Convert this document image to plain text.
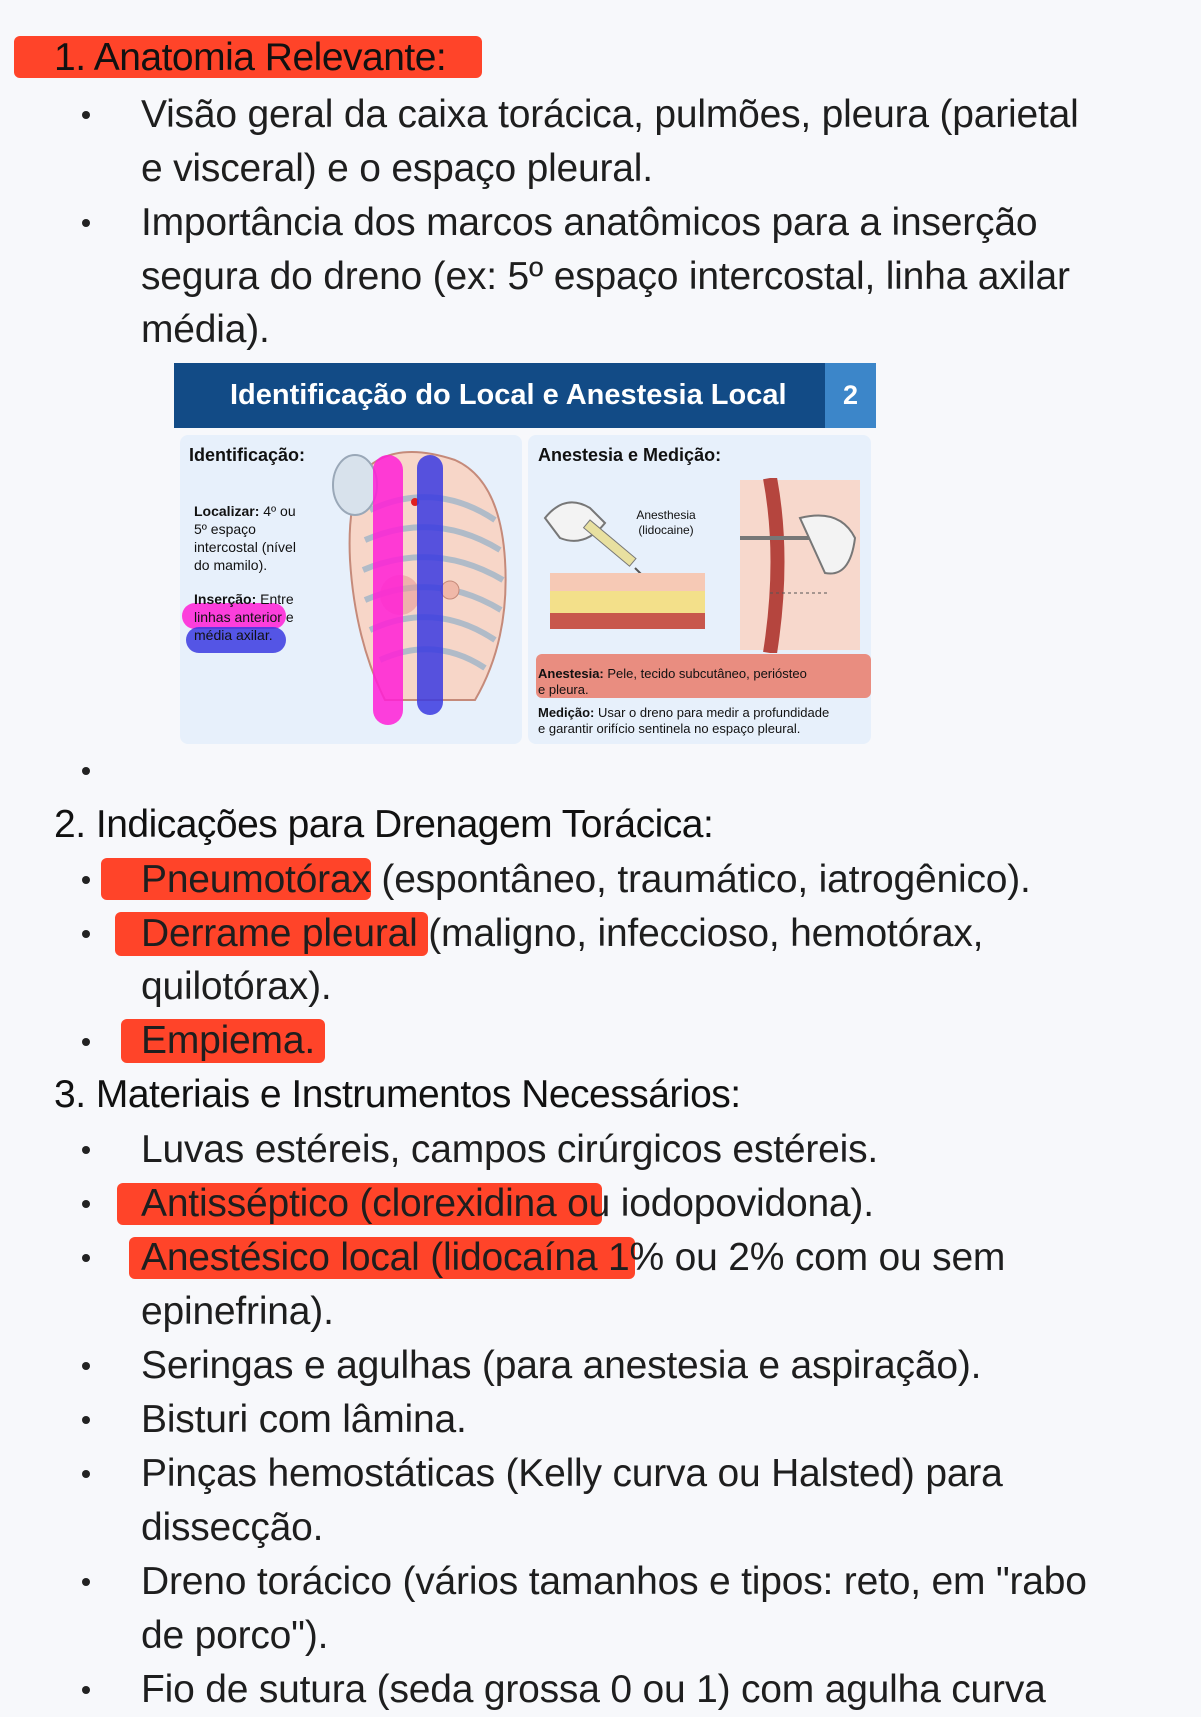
1. Anatomia Relevante:
Visão geral da caixa torácica, pulmões, pleura (parietal
e visceral) e o espaço pleural.
Importância dos marcos anatômicos para a inserção
segura do dreno (ex: 5º espaço intercostal, linha axilar
média).
Identificação do Local e Anestesia Local	2
Identificação:
Localizar: 4º ou
5º espaço
intercostal (nível
do mamilo).
Inserção: Entre
linhas anterior e
média axilar.
Anestesia e Medição:
Anesthesia
(lidocaine)
Anestesia: Pele, tecido subcutâneo, periósteo
e pleura.
Medição: Usar o dreno para medir a profundidade
e garantir orifício sentinela no espaço pleural.
2. Indicações para Drenagem Torácica:
Pneumotórax (espontâneo, traumático, iatrogênico).
Derrame pleural (maligno, infeccioso, hemotórax,
quilotórax).
Empiema.
3. Materiais e Instrumentos Necessários:
Luvas estéreis, campos cirúrgicos estéreis.
Antisséptico (clorexidina ou iodopovidona).
Anestésico local (lidocaína 1% ou 2% com ou sem
epinefrina).
Seringas e agulhas (para anestesia e aspiração).
Bisturi com lâmina.
Pinças hemostáticas (Kelly curva ou Halsted) para
dissecção.
Dreno torácico (vários tamanhos e tipos: reto, em "rabo
de porco").
Fio de sutura (seda grossa 0 ou 1) com agulha curva
